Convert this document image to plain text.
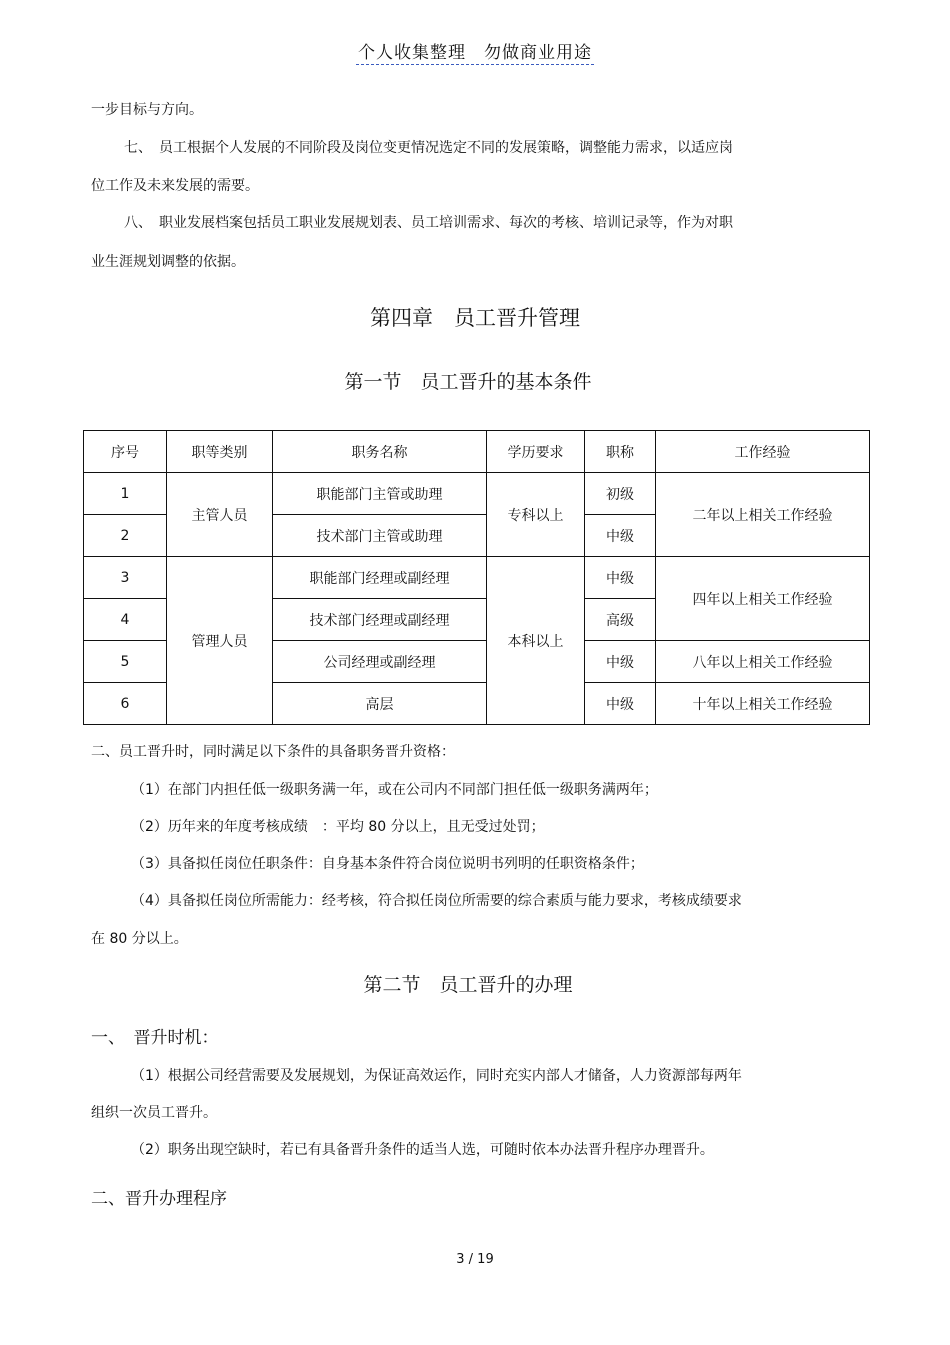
个人收集整理　勿做商业用途
一步目标与方向。
七、　员工根据个人发展的不同阶段及岗位变更情况选定不同的发展策略，调整能力需求，以适应岗
位工作及未来发展的需要。
八、　职业发展档案包括员工职业发展规划表、员工培训需求、每次的考核、培训记录等，作为对职
业生涯规划调整的依据。
第四章　员工晋升管理
第一节　员工晋升的基本条件
序号	职等类别	职务名称	学历要求	职称	工作经验
1	主管人员	职能部门主管或助理	专科以上	初级	二年以上相关工作经验
2		技术部门主管或助理		中级	
3	管理人员	职能部门经理或副经理	本科以上	中级	四年以上相关工作经验
4		技术部门经理或副经理		高级	
5		公司经理或副经理		中级	八年以上相关工作经验
6		高层		中级	十年以上相关工作经验
二、员工晋升时，同时满足以下条件的具备职务晋升资格：
（1）在部门内担任低一级职务满一年，或在公司内不同部门担任低一级职务满两年；
（2）历年来的年度考核成绩　：平均 80 分以上，且无受过处罚；
（3）具备拟任岗位任职条件：自身基本条件符合岗位说明书列明的任职资格条件；
（4）具备拟任岗位所需能力：经考核，符合拟任岗位所需要的综合素质与能力要求，考核成绩要求
在 80 分以上。
第二节　员工晋升的办理
一、　晋升时机：
（1）根据公司经营需要及发展规划，为保证高效运作，同时充实内部人才储备，人力资源部每两年
组织一次员工晋升。
（2）职务出现空缺时，若已有具备晋升条件的适当人选，可随时依本办法晋升程序办理晋升。
二、晋升办理程序
3 / 19
